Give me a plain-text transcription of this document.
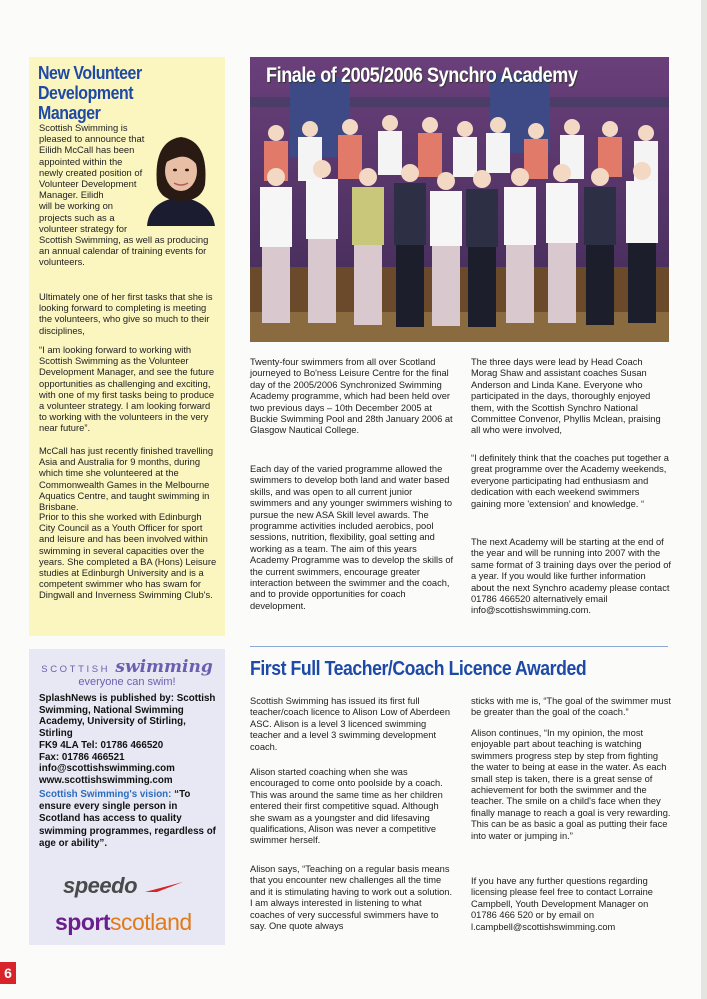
New Volunteer Development Manager
Scottish Swimming is
pleased to announce that
Eilidh McCall has been
appointed within the
newly created position of
Volunteer Development
Manager. Eilidh
will be working on
projects such as a
volunteer strategy for
Scottish Swimming, as well as producing
an annual calendar of training events for
volunteers.

Ultimately one of her first tasks that she is looking forward to completing is meeting the volunteers, who give so much to their disciplines,

“I am looking forward to working with Scottish Swimming as the Volunteer Development Manager, and see the future opportunities as challenging and exciting, with one of my first tasks being to produce a volunteer strategy. I am looking forward to working with the volunteers in the very near future”.

McCall has just recently finished travelling Asia and Australia for 9 months, during which time she volunteered at the Commonwealth Games in the Melbourne Aquatics Centre, and taught swimming in Brisbane.

Prior to this she worked with Edinburgh City Council as a Youth Officer for sport and leisure and has been involved within swimming in several capacities over the years. She completed a BA (Hons) Leisure studies at Edinburgh University and is a competent swimmer who has swam for Dingwall and Inverness Swimming Club's.

SCOTTISH swimming
everyone can swim!
SplashNews is published by: Scottish
Swimming, National Swimming
Academy, University of Stirling, Stirling
FK9 4LA Tel: 01786 466520
Fax: 01786 466521
info@scottishswimming.com
www.scottishswimming.com
Scottish Swimming's vision: “To ensure every single person in Scotland has access to quality swimming programmes, regardless of age or ability”.
speedo
sportscotland
6
Finale of 2005/2006 Synchro Academy

Twenty-four swimmers from all over Scotland journeyed to Bo'ness Leisure Centre for the final day of the 2005/2006 Synchronized Swimming Academy programme, which had been held over two previous days – 10th December 2005 at Buckie Swimming Pool and 28th January 2006 at Glasgow Nautical College.

Each day of the varied programme allowed the swimmers to develop both land and water based skills, and was open to all current junior swimmers and any younger swimmers wishing to pursue the new ASA Skill level awards. The programme activities included aerobics, pool sessions, nutrition, flexibility, goal setting and working as a team. The aim of this years Academy Programme was to develop the skills of the current swimmers, encourage greater interaction between the swimmer and the coach, and to provide opportunities for coach development.

The three days were lead by Head Coach Morag Shaw and assistant coaches Susan Anderson and Linda Kane. Everyone who participated in the days, thoroughly enjoyed them, with the Scottish Synchro National Committee Convenor, Phyllis Mclean, praising all who were involved,

“I definitely think that the coaches put together a great programme over the Academy weekends, everyone participating had enthusiasm and dedication with each weekend swimmers gaining more 'extension' and knowledge. “

The next Academy will be starting at the end of the year and will be running into 2007 with the same format of 3 training days over the period of a year. If you would like further information about the next Synchro academy please contact 01786 466520 alternatively email info@scottishswimming.com.

First Full Teacher/Coach Licence Awarded

Scottish Swimming has issued its first full teacher/coach licence to Alison Low of Aberdeen ASC. Alison is a level 3 licenced swimming teacher and a level 3 swimming development coach.

Alison started coaching when she was encouraged to come onto poolside by a coach. This was around the same time as her children entered their first competitive squad. Although she swam as a youngster and did lifesaving qualifications, Alison was never a competitive swimmer herself.

Alison says, “Teaching on a regular basis means that you encounter new challenges all the time and it is stimulating having to work out a solution. I am always interested in listening to what coaches of very successful swimmers have to say. One quote always

sticks with me is, “The goal of the swimmer must be greater than the goal of the coach.”

Alison continues, “In my opinion, the most enjoyable part about teaching is watching swimmers progress step by step from fighting the water to being at ease in the water. As each small step is taken, there is a great sense of achievement for both the swimmer and the teacher. The smile on a child's face when they finally manage to reach a goal is very rewarding. This can be as basic a goal as putting their face into water or jumping in.”

If you have any further questions regarding licensing please feel free to contact Lorraine Campbell, Youth Development Manager on 01786 466 520 or by email on l.campbell@scottishswimming.com
